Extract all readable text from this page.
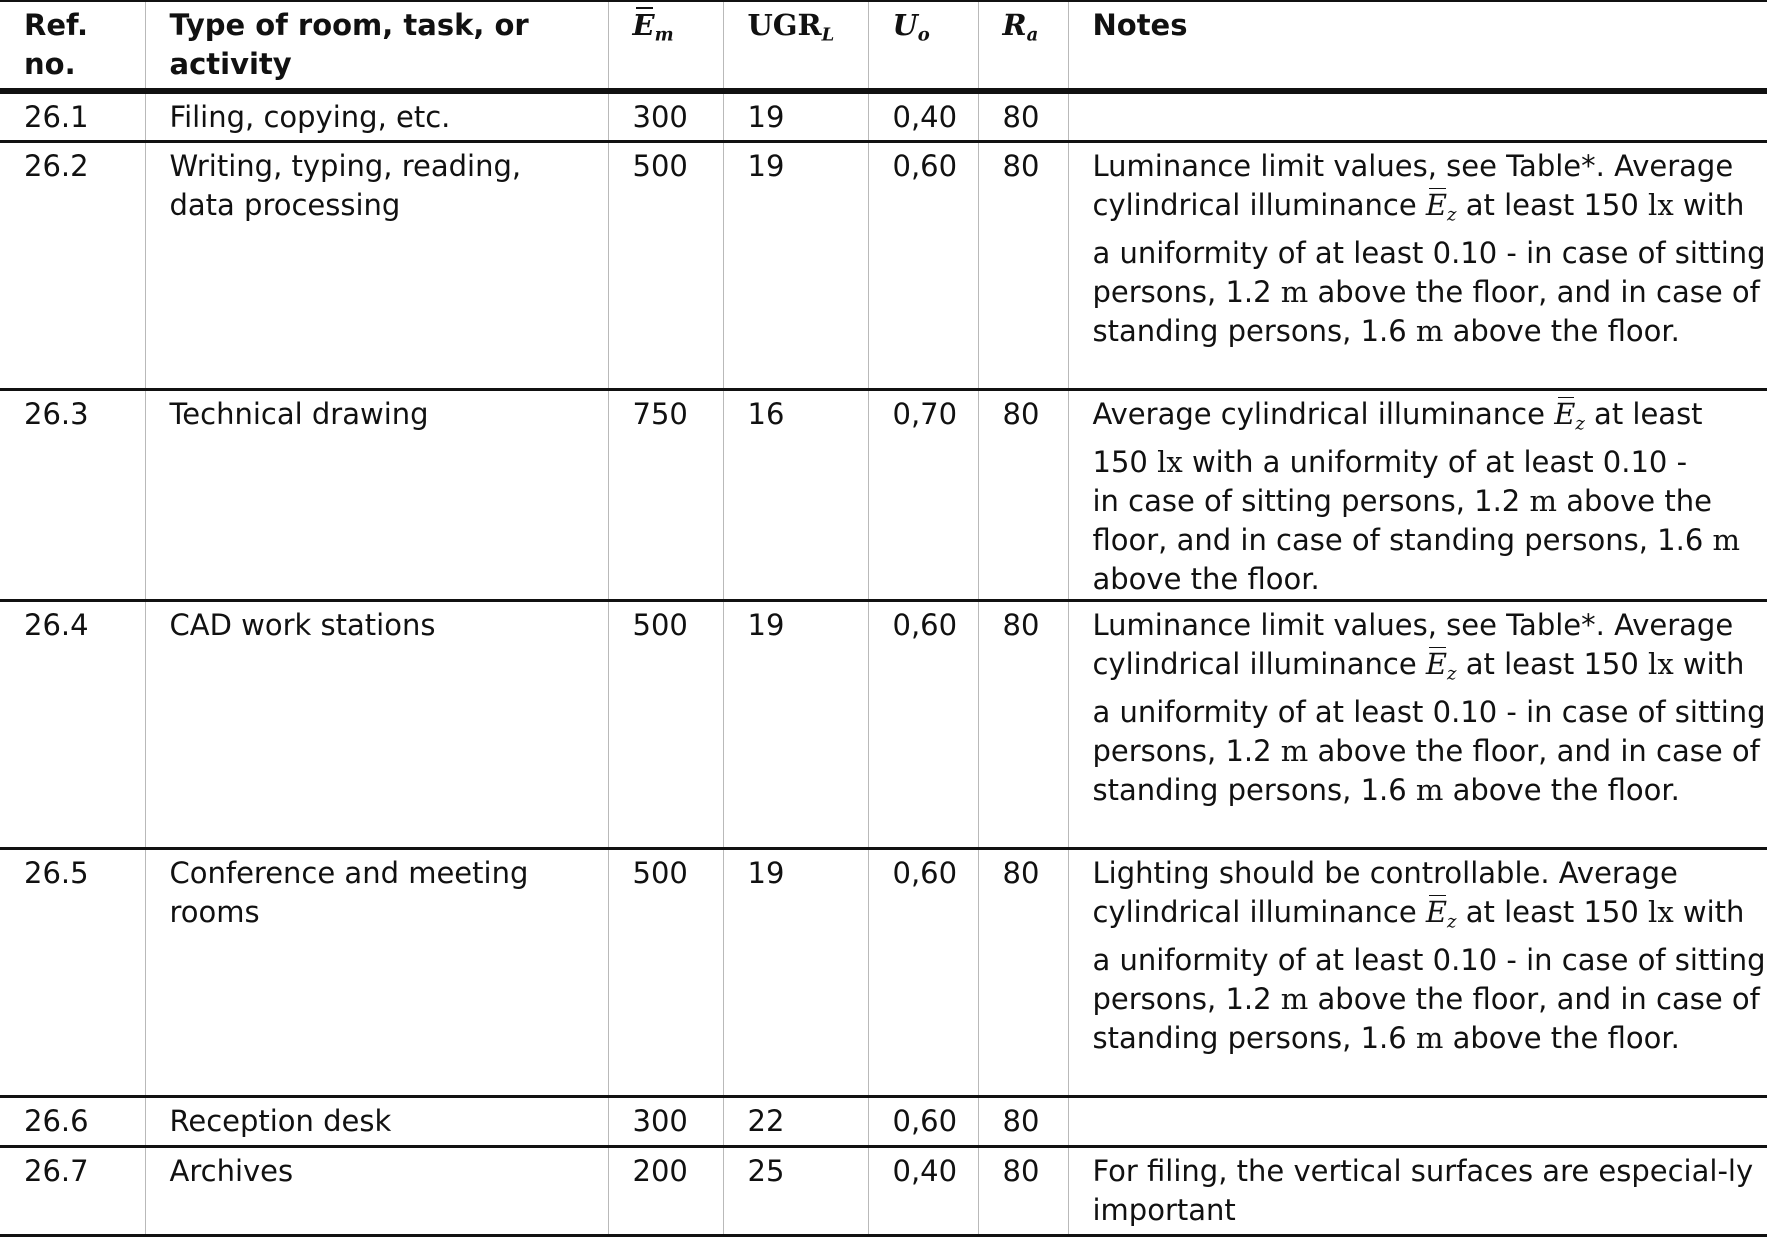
Ref. no.	Type of room, task, or activity	$E_m$	$UGR_L$	$U_o$	$R_a$	Notes
26.1	Filing, copying, etc.	300	19	0,40	80	
26.2	Writing, typing, reading, data processing	500	19	0,60	80	Luminance limit values, see Table*. Average cylindrical illuminance $E_z$ at least 150 lx with a uniformity of at least 0.10 - in case of sitting persons, 1.2 m above the floor, and in case of standing persons, 1.6 m above the floor.
26.3	Technical drawing	750	16	0,70	80	Average cylindrical illuminance $E_z$ at least 150 lx with a uniformity of at least 0.10 -
in case of sitting persons, 1.2 m above the floor, and in case of standing persons, 1.6 m above the floor.
26.4	CAD work stations	500	19	0,60	80	Luminance limit values, see Table*. Average cylindrical illuminance $E_z$ at least 150 lx with a uniformity of at least 0.10 - in case of sitting persons, 1.2 m above the floor, and in case of standing persons, 1.6 m above the floor.
26.5	Conference and meeting rooms	500	19	0,60	80	Lighting should be controllable. Average cylindrical illuminance $E_z$ at least 150 lx with a uniformity of at least 0.10 - in case of sitting persons, 1.2 m above the floor, and in case of standing persons, 1.6 m above the floor.
26.6	Reception desk	300	22	0,60	80	
26.7	Archives	200	25	0,40	80	For filing, the vertical surfaces are especial-ly important
